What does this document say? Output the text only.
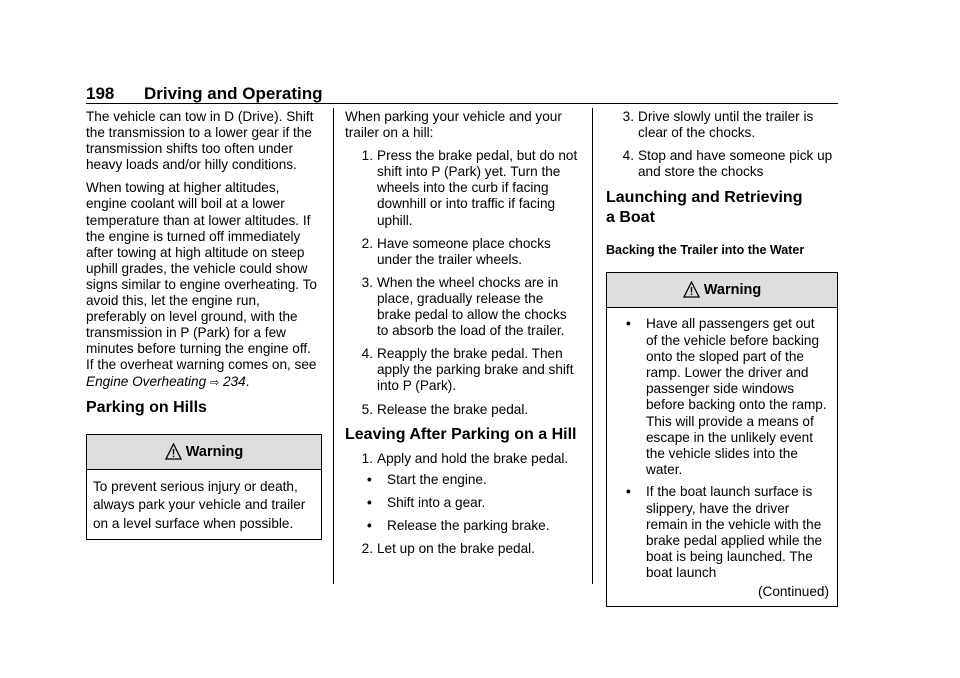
198 Driving and Operating

The vehicle can tow in D (Drive). Shift the transmission to a lower gear if the transmission shifts too often under heavy loads and/or hilly conditions.

When towing at higher altitudes, engine coolant will boil at a lower temperature than at lower altitudes. If the engine is turned off immediately after towing at high altitude on steep uphill grades, the vehicle could show signs similar to engine overheating. To avoid this, let the engine run, preferably on level ground, with the transmission in P (Park) for a few minutes before turning the engine off. If the overheat warning comes on, see Engine Overheating ⇨ 234.

Parking on Hills
Warning
To prevent serious injury or death, always park your vehicle and trailer on a level surface when possible.

When parking your vehicle and your trailer on a hill:

1. Press the brake pedal, but do not shift into P (Park) yet. Turn the wheels into the curb if facing downhill or into traffic if facing uphill.
2. Have someone place chocks under the trailer wheels.
3. When the wheel chocks are in place, gradually release the brake pedal to allow the chocks to absorb the load of the trailer.
4. Reapply the brake pedal. Then apply the parking brake and shift into P (Park).
5. Release the brake pedal.
Leaving After Parking on a Hill
1. Apply and hold the brake pedal.
• Start the engine.
• Shift into a gear.
• Release the parking brake.
2. Let up on the brake pedal.
3. Drive slowly until the trailer is clear of the chocks.
4. Stop and have someone pick up and store the chocks
Launching and Retrieving
a Boat
Backing the Trailer into the Water
Warning
• Have all passengers get out of the vehicle before backing onto the sloped part of the ramp. Lower the driver and passenger side windows before backing onto the ramp. This will provide a means of escape in the unlikely event the vehicle slides into the water.
• If the boat launch surface is slippery, have the driver remain in the vehicle with the brake pedal applied while the boat is being launched. The boat launch
(Continued)
